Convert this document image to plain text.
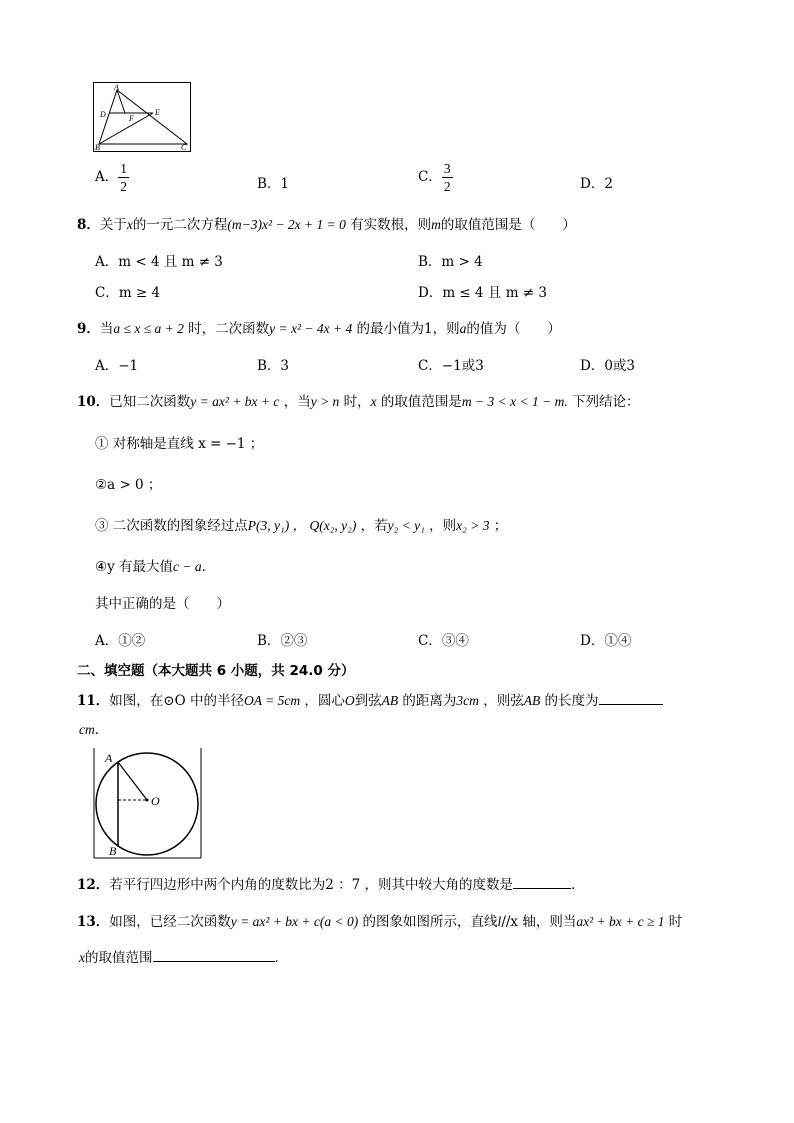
A
D	E
F
B	C
A． $\frac{1}{2}$	B．1	C． $\frac{3}{2}$	D．2
8．关于x的一元二次方程(m−3)x² − 2x + 1 = 0 有实数根，则m的取值范围是（　　）
A．m < 4 且 m ≠ 3	B．m > 4
C．m ≥ 4	D．m ≤ 4 且 m ≠ 3
9．当a ≤ x ≤ a + 2 时，二次函数y = x² − 4x + 4 的最小值为1，则a的值为（　　）
A．−1	B．3	C．−1或3	D．0或3
10．已知二次函数y = ax² + bx + c ，当y > n 时，x 的取值范围是m − 3 < x < 1 − m. 下列结论：
① 对称轴是直线 x = −1 ；
②a > 0 ；
③ 二次函数的图象经过点P(3, y₁) ， Q(x₂, y₂) ，若y₂ < y₁ ，则x₂ > 3 ；
④y 有最大值c − a．
其中正确的是（　　）
A．①②	B．②③	C．③④	D．①④
二、填空题（本大题共 6 小题，共 24.0 分）
11．如图，在⊙O 中的半径OA = 5cm ，圆心O到弦AB 的距离为3cm ，则弦AB 的长度为
cm．
A
O
B
12．若平行四边形中两个内角的度数比为2 ：7 ，则其中较大角的度数是	．
13．如图，已经二次函数y = ax² + bx + c(a < 0) 的图象如图所示，直线l//x 轴，则当ax² + bx + c ≥ 1 时
x的取值范围	．
